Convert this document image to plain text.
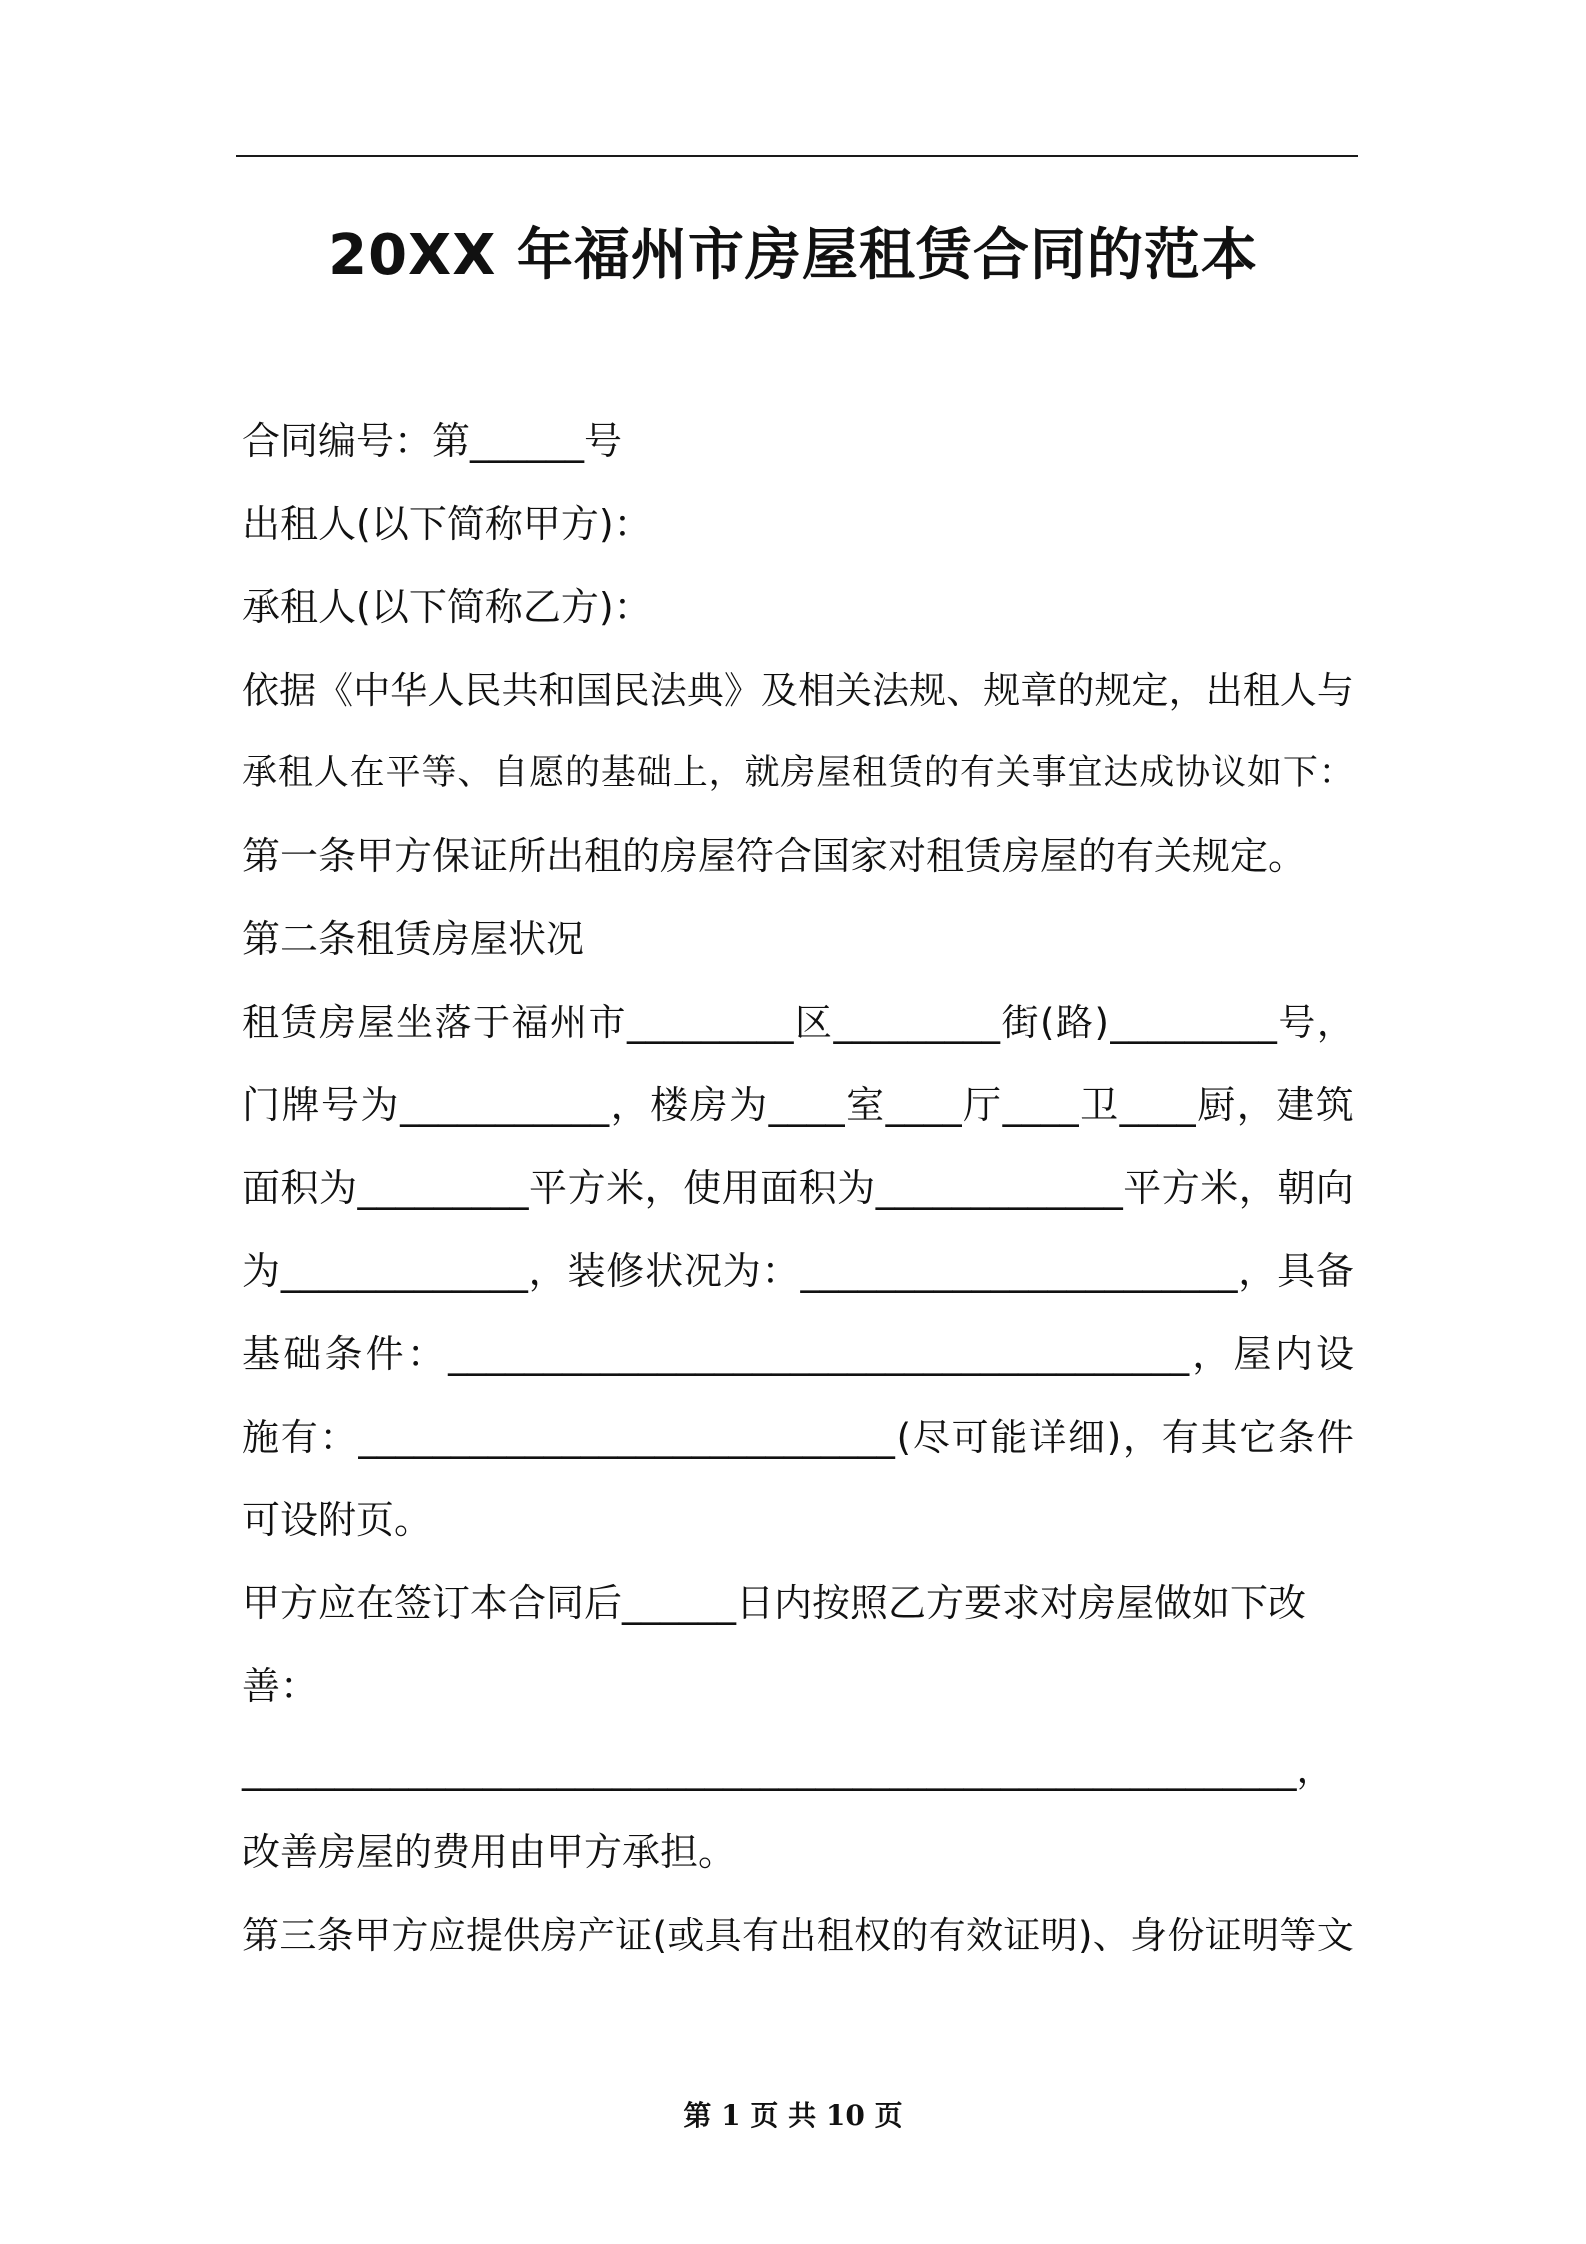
20XX 年福州市房屋租赁合同的范本
合同编号：第______号
出租人(以下简称甲方)：
承租人(以下简称乙方)：
依 据 《 中 华 人 民 共 和 国 民 法 典 》 及 相 关 法 规 、 规 章 的 规 定 ， 出 租 人 与
承 租 人 在 平 等 、 自 愿 的 基 础 上 ， 就 房 屋 租 赁 的 有 关 事 宜 达 成 协 议 如 下 ：
第一条甲方保证所出租的房屋符合国家对租赁房屋的有关规定。
第二条租赁房屋状况
租 赁 房 屋 坐 落 于 福 州 市 _________ 区 _________ 街 ( 路 ) _________ 号 ，
门 牌 号 为 ___________ ， 楼 房 为 ____ 室 ____ 厅 ____ 卫 ____ 厨 ， 建 筑
面 积 为 _________ 平 方 米 ， 使 用 面 积 为 _____________ 平 方 米 ， 朝 向
为 _____________ ， 装 修 状 况 为 ： _______________________ ， 具 备
基 础 条 件 ： _______________________________________ ， 屋 内 设
施 有 ： _____________________________ ( 尽 可 能 详 细 ) ， 有 其 它 条 件
可设附页。
甲方应在签订本合同后______日内按照乙方要求对房屋做如下改
善：
_________________________________________________________，
改善房屋的费用由甲方承担。
第 三 条 甲 方 应 提 供 房 产 证 ( 或 具 有 出 租 权 的 有 效 证 明 ) 、 身 份 证 明 等 文
第 1 页 共 10 页
